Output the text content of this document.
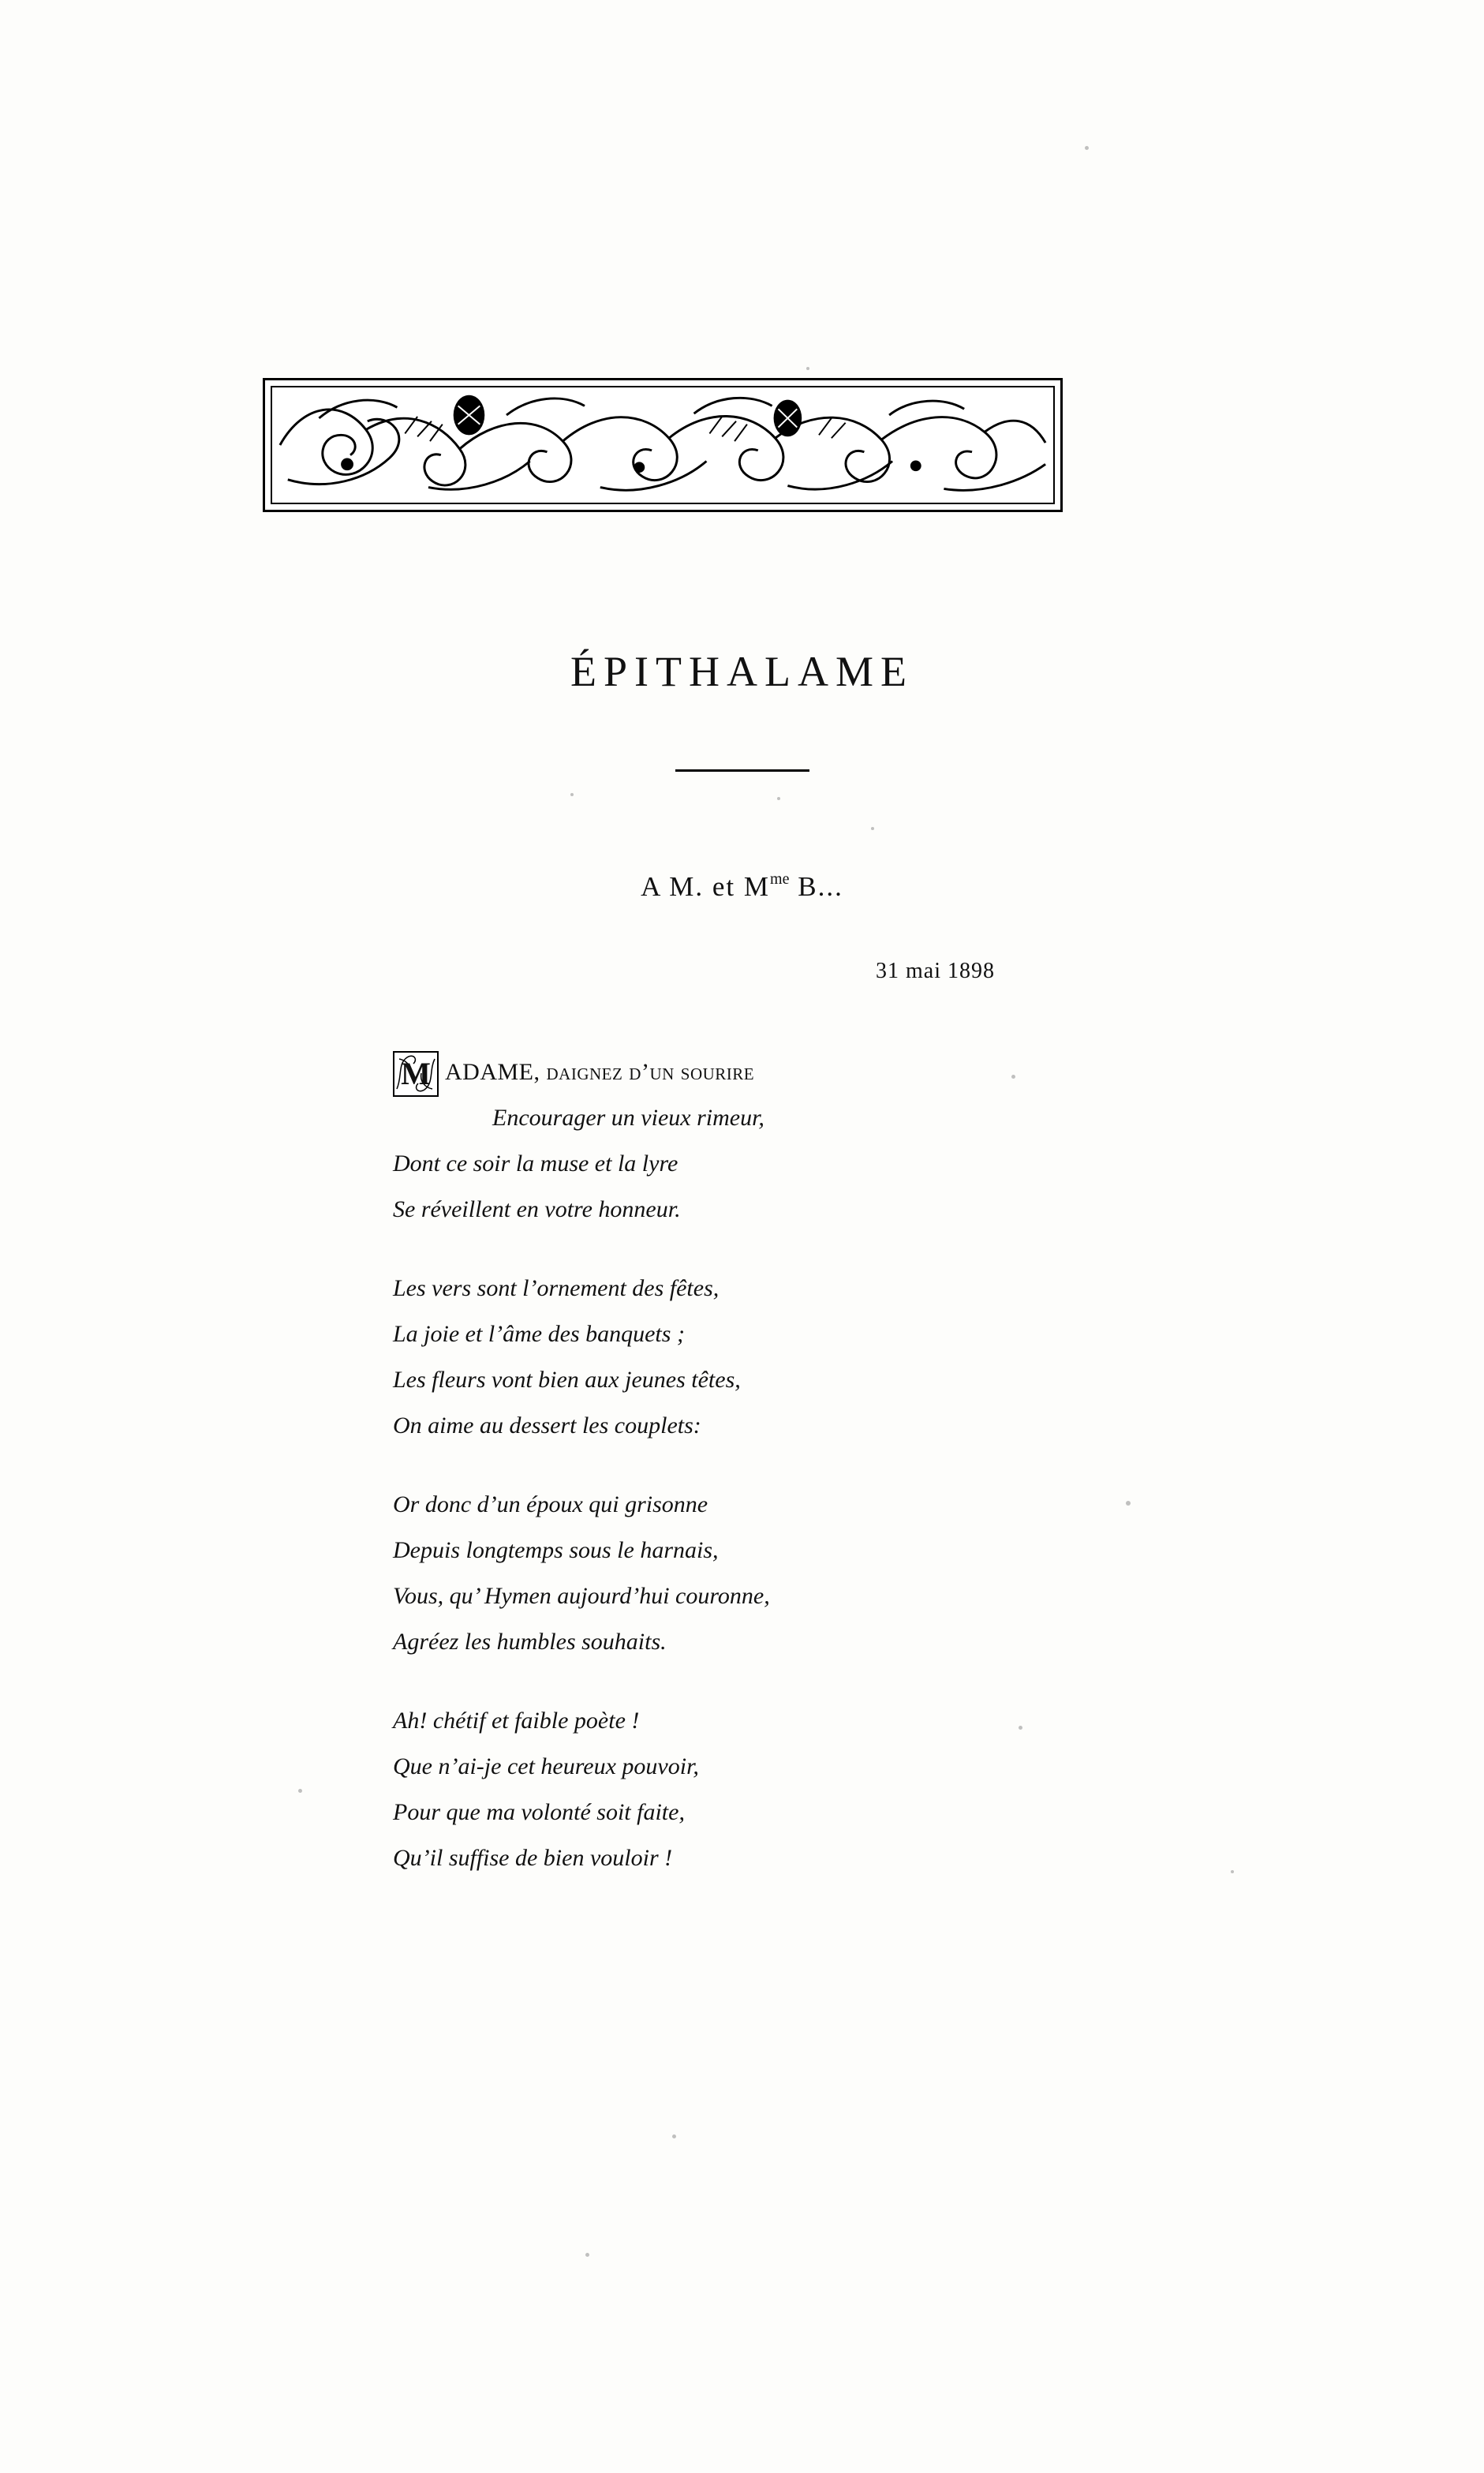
ÉPITHALAME
A M. et $M^{me}$ B...
31 mai 1898
M ADAME, daignez d’un sourire
Encourager un vieux rimeur,
Dont ce soir la muse et la lyre
Se réveillent en votre honneur.
Les vers sont l’ornement des fêtes,
La joie et l’âme des banquets ;
Les fleurs vont bien aux jeunes têtes,
On aime au dessert les couplets:
Or donc d’un époux qui grisonne
Depuis longtemps sous le harnais,
Vous, qu’ Hymen aujourd’hui couronne,
Agréez les humbles souhaits.
Ah! chétif et faible poète !
Que n’ai-je cet heureux pouvoir,
Pour que ma volonté soit faite,
Qu’il suffise de bien vouloir !
